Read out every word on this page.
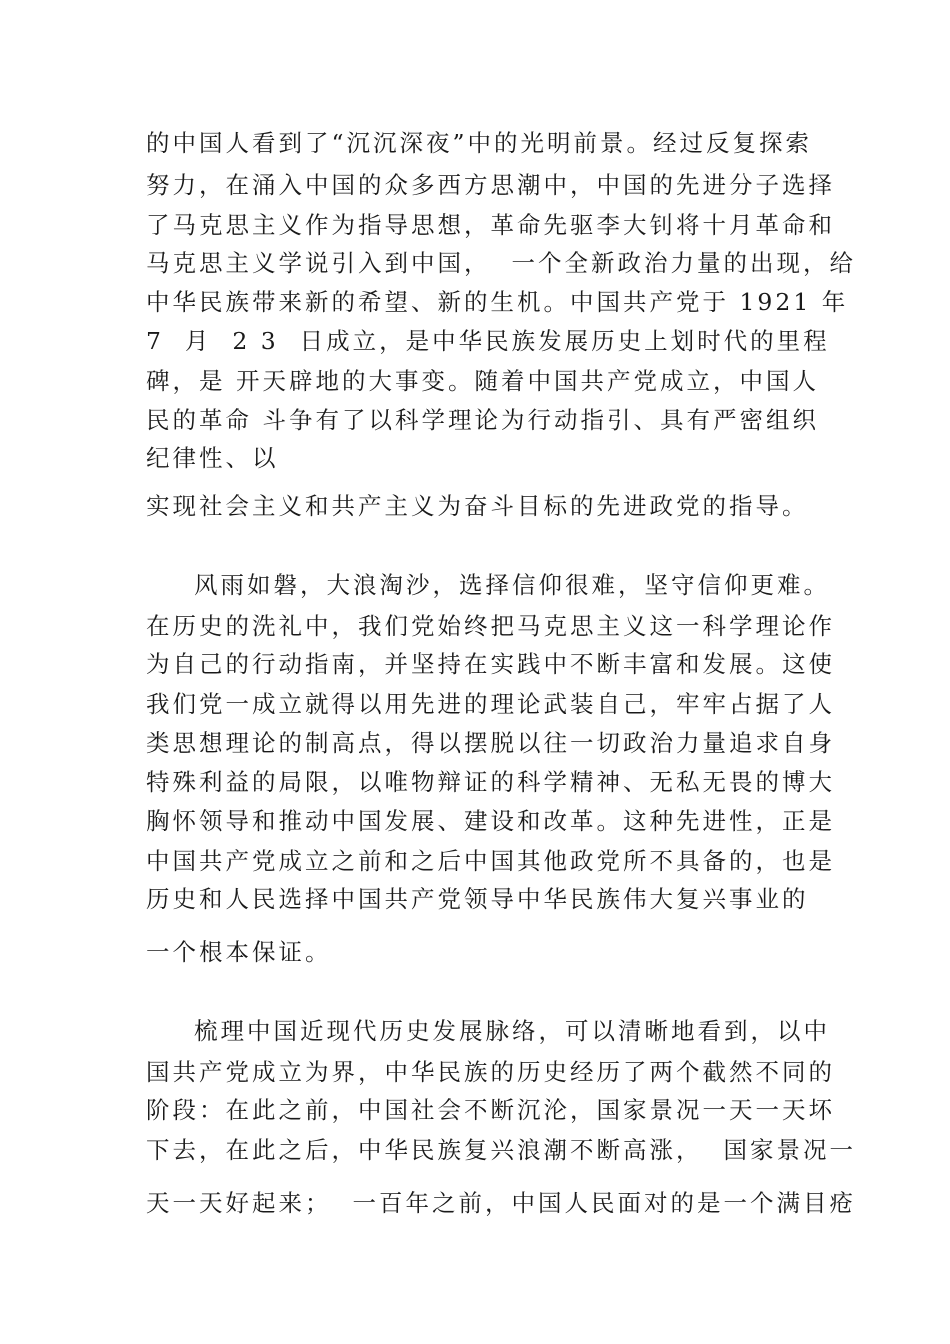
的中国人看到了“沉沉深夜”中的光明前景。经过反复探索
努力，在涌入中国的众多西方思潮中，中国的先进分子选择
了马克思主义作为指导思想，革命先驱李大钊将十月革命和
马克思主义学说引入到中国，  一个全新政治力量的出现，给
中华民族带来新的希望、新的生机。中国共产党于 1921 年
7  月  2 3  日成立，是中华民族发展历史上划时代的里程
碑，是 开天辟地的大事变。随着中国共产党成立，中国人
民的革命 斗争有了以科学理论为行动指引、具有严密组织
纪律性、以
实现社会主义和共产主义为奋斗目标的先进政党的指导。
风雨如磐，大浪淘沙，选择信仰很难，坚守信仰更难。
在历史的洗礼中，我们党始终把马克思主义这一科学理论作
为自己的行动指南，并坚持在实践中不断丰富和发展。这使
我们党一成立就得以用先进的理论武装自己，牢牢占据了人
类思想理论的制高点，得以摆脱以往一切政治力量追求自身
特殊利益的局限，以唯物辩证的科学精神、无私无畏的博大
胸怀领导和推动中国发展、建设和改革。这种先进性，正是
中国共产党成立之前和之后中国其他政党所不具备的，也是
历史和人民选择中国共产党领导中华民族伟大复兴事业的
一个根本保证。
梳理中国近现代历史发展脉络，可以清晰地看到，以中
国共产党成立为界，中华民族的历史经历了两个截然不同的
阶段：在此之前，中国社会不断沉沦，国家景况一天一天坏
下去，在此之后，中华民族复兴浪潮不断高涨，  国家景况一
天一天好起来；  一百年之前，中国人民面对的是一个满目疮
